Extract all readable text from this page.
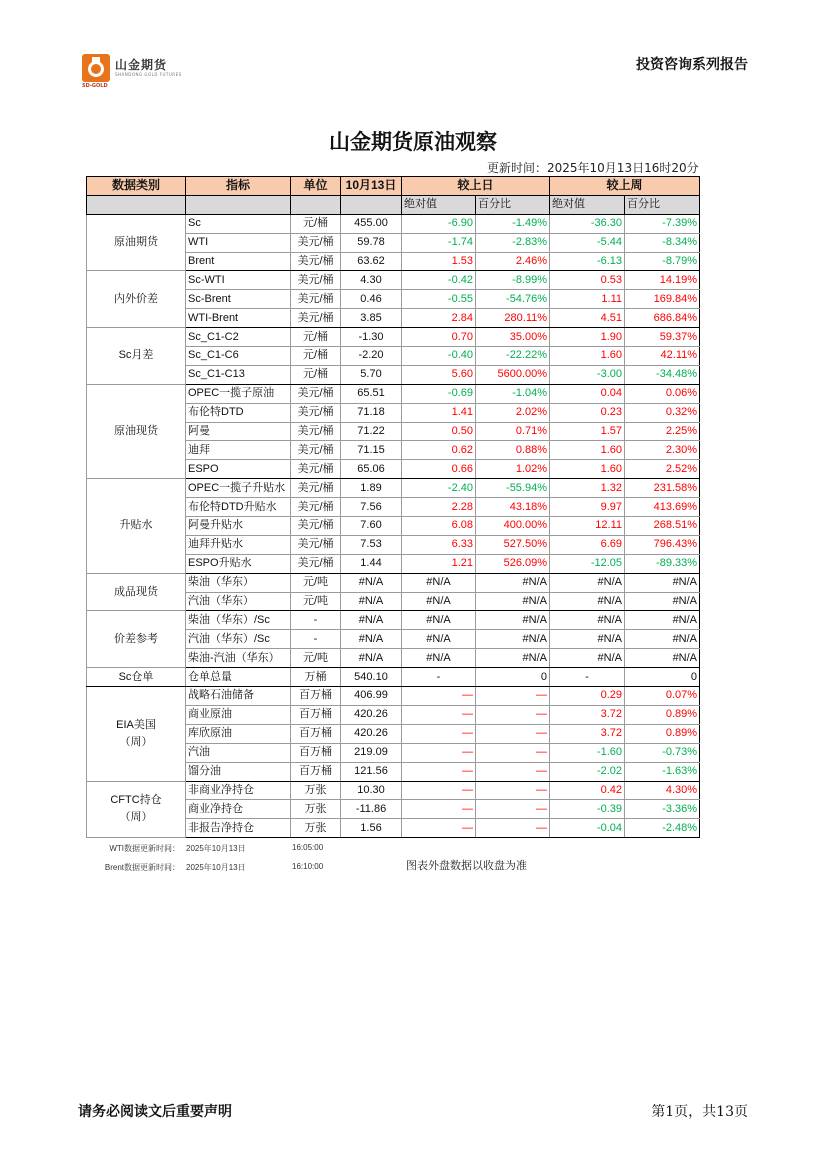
山金期货
SHANDONG GOLD FUTURES
SD-GOLD
投资咨询系列报告
山金期货原油观察
更新时间：2025年10月13日16时20分
数据类别	指标	单位	10月13日	较上日		较上周	
				绝对值	百分比	绝对值	百分比
原油期货	Sc	元/桶	455.00	-6.90	-1.49%	-36.30	-7.39%
	WTI	美元/桶	59.78	-1.74	-2.83%	-5.44	-8.34%
	Brent	美元/桶	63.62	1.53	2.46%	-6.13	-8.79%
内外价差	Sc-WTI	美元/桶	4.30	-0.42	-8.99%	0.53	14.19%
	Sc-Brent	美元/桶	0.46	-0.55	-54.76%	1.11	169.84%
	WTI-Brent	美元/桶	3.85	2.84	280.11%	4.51	686.84%
Sc月差	Sc_C1-C2	元/桶	-1.30	0.70	35.00%	1.90	59.37%
	Sc_C1-C6	元/桶	-2.20	-0.40	-22.22%	1.60	42.11%
	Sc_C1-C13	元/桶	5.70	5.60	5600.00%	-3.00	-34.48%
原油现货	OPEC一揽子原油	美元/桶	65.51	-0.69	-1.04%	0.04	0.06%
	布伦特DTD	美元/桶	71.18	1.41	2.02%	0.23	0.32%
	阿曼	美元/桶	71.22	0.50	0.71%	1.57	2.25%
	迪拜	美元/桶	71.15	0.62	0.88%	1.60	2.30%
	ESPO	美元/桶	65.06	0.66	1.02%	1.60	2.52%
升贴水	OPEC一揽子升贴水	美元/桶	1.89	-2.40	-55.94%	1.32	231.58%
	布伦特DTD升贴水	美元/桶	7.56	2.28	43.18%	9.97	413.69%
	阿曼升贴水	美元/桶	7.60	6.08	400.00%	12.11	268.51%
	迪拜升贴水	美元/桶	7.53	6.33	527.50%	6.69	796.43%
	ESPO升贴水	美元/桶	1.44	1.21	526.09%	-12.05	-89.33%
成品现货	柴油（华东）	元/吨	#N/A	#N/A	#N/A	#N/A	#N/A
	汽油（华东）	元/吨	#N/A	#N/A	#N/A	#N/A	#N/A
价差参考	柴油（华东）/Sc	-	#N/A	#N/A	#N/A	#N/A	#N/A
	汽油（华东）/Sc	-	#N/A	#N/A	#N/A	#N/A	#N/A
	柴油-汽油（华东）	元/吨	#N/A	#N/A	#N/A	#N/A	#N/A
Sc仓单	仓单总量	万桶	540.10	-	0	-	0
EIA美国
（周）	战略石油储备	百万桶	406.99	—	—	0.29	0.07%
	商业原油	百万桶	420.26	—	—	3.72	0.89%
	库欣原油	百万桶	420.26	—	—	3.72	0.89%
	汽油	百万桶	219.09	—	—	-1.60	-0.73%
	馏分油	百万桶	121.56	—	—	-2.02	-1.63%
CFTC持仓
（周）	非商业净持仓	万张	10.30	—	—	0.42	4.30%
	商业净持仓	万张	-11.86	—	—	-0.39	-3.36%
	非报告净持仓	万张	1.56	—	—	-0.04	-2.48%
WTI数据更新时间： 2025年10月13日	16:05:00
Brent数据更新时间： 2025年10月13日	16:10:00	图表外盘数据以收盘为准
请务必阅读文后重要声明	第1页，共13页
